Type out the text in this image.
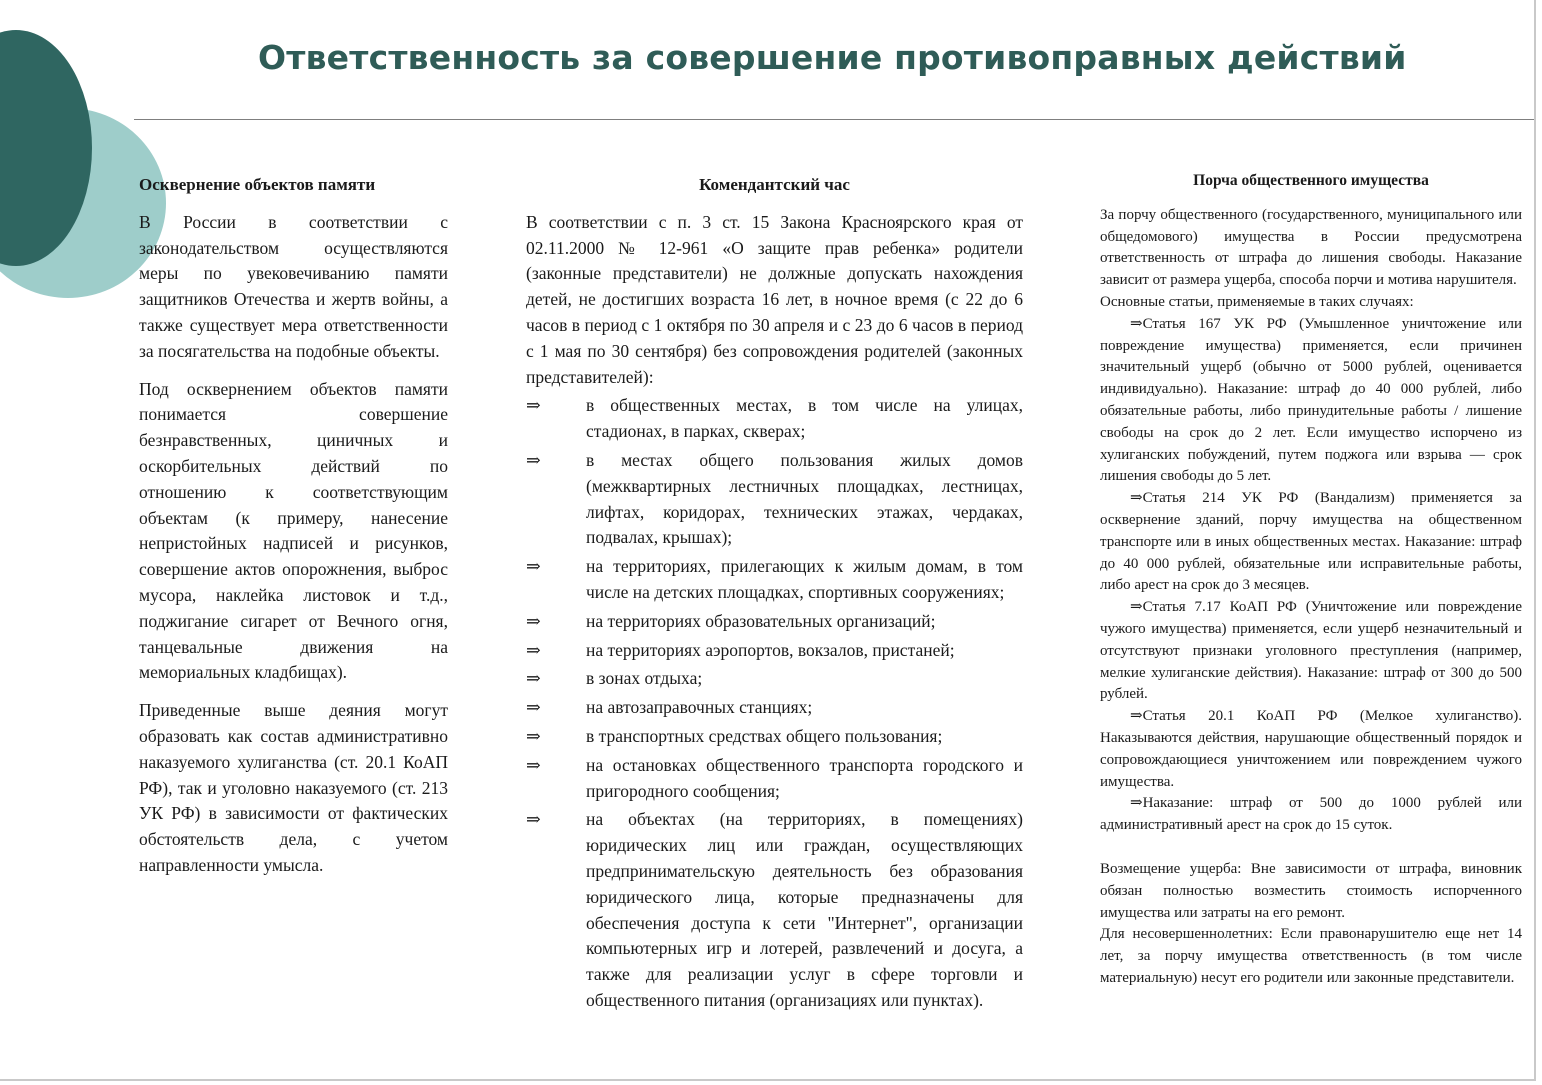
Ответственность за совершение противоправных действий
Осквернение объектов памяти

В России в соответствии с законодательством осуществляются меры по увековечиванию памяти защитников Отечества и жертв войны, а также существует мера ответственности за посягательства на подобные объекты.

Под осквернением объектов памяти понимается совершение безнравственных, циничных и оскорбительных действий по отношению к соответствующим объектам (к примеру, нанесение непристойных надписей и рисунков, совершение актов опорожнения, выброс мусора, наклейка листовок и т.д., поджигание сигарет от Вечного огня, танцевальные движения на мемориальных кладбищах).

Приведенные выше деяния могут образовать как состав административно наказуемого хулиганства (ст. 20.1 КоАП РФ), так и уголовно наказуемого (ст. 213 УК РФ) в зависимости от фактических обстоятельств дела, с учетом направленности умысла.

Комендантский час

В соответствии с п. 3 ст. 15 Закона Красноярского края от 02.11.2000 № 12-961 «О защите прав ребенка» родители (законные представители) не должные допускать нахождения детей, не достигших возраста 16 лет, в ночное время (с 22 до 6 часов в период с 1 октября по 30 апреля и с 23 до 6 часов в период с 1 мая по 30 сентября) без сопровождения родителей (законных представителей):

⇒	в общественных местах, в том числе на улицах, стадионах, в парках, скверах;
⇒	в местах общего пользования жилых домов (межквартирных лестничных площадках, лестницах, лифтах, коридорах, технических этажах, чердаках, подвалах, крышах);
⇒	на территориях, прилегающих к жилым домам, в том числе на детских площадках, спортивных сооружениях;
⇒	на территориях образовательных организаций;
⇒	на территориях аэропортов, вокзалов, пристаней;
⇒	в зонах отдыха;
⇒	на автозаправочных станциях;
⇒	в транспортных средствах общего пользования;
⇒	на остановках общественного транспорта городского и пригородного сообщения;
⇒	на объектах (на территориях, в помещениях) юридических лиц или граждан, осуществляющих предпринимательскую деятельность без образования юридического лица, которые предназначены для обеспечения доступа к сети "Интернет", организации компьютерных игр и лотерей, развлечений и досуга, а также для реализации услуг в сфере торговли и общественного питания (организациях или пунктах).
Порча общественного имущества

За порчу общественного (государственного, муниципального или общедомового) имущества в России предусмотрена ответственность от штрафа до лишения свободы. Наказание зависит от размера ущерба, способа порчи и мотива нарушителя.

Основные статьи, применяемые в таких случаях:

⇒Статья 167 УК РФ (Умышленное уничтожение или повреждение имущества) применяется, если причинен значительный ущерб (обычно от 5000 рублей, оценивается индивидуально). Наказание: штраф до 40 000 рублей, либо обязательные работы, либо принудительные работы / лишение свободы на срок до 2 лет. Если имущество испорчено из хулиганских побуждений, путем поджога или взрыва — срок лишения свободы до 5 лет.

⇒Статья 214 УК РФ (Вандализм) применяется за осквернение зданий, порчу имущества на общественном транспорте или в иных общественных местах. Наказание: штраф до 40 000 рублей, обязательные или исправительные работы, либо арест на срок до 3 месяцев.

⇒Статья 7.17 КоАП РФ (Уничтожение или повреждение чужого имущества) применяется, если ущерб незначительный и отсутствуют признаки уголовного преступления (например, мелкие хулиганские действия). Наказание: штраф от 300 до 500 рублей.

⇒Статья 20.1 КоАП РФ (Мелкое хулиганство). Наказываются действия, нарушающие общественный порядок и сопровождающиеся уничтожением или повреждением чужого имущества.

⇒Наказание: штраф от 500 до 1000 рублей или административный арест на срок до 15 суток.

Возмещение ущерба: Вне зависимости от штрафа, виновник обязан полностью возместить стоимость испорченного имущества или затраты на его ремонт.

Для несовершеннолетних: Если правонарушителю еще нет 14 лет, за порчу имущества ответственность (в том числе материальную) несут его родители или законные представители.
